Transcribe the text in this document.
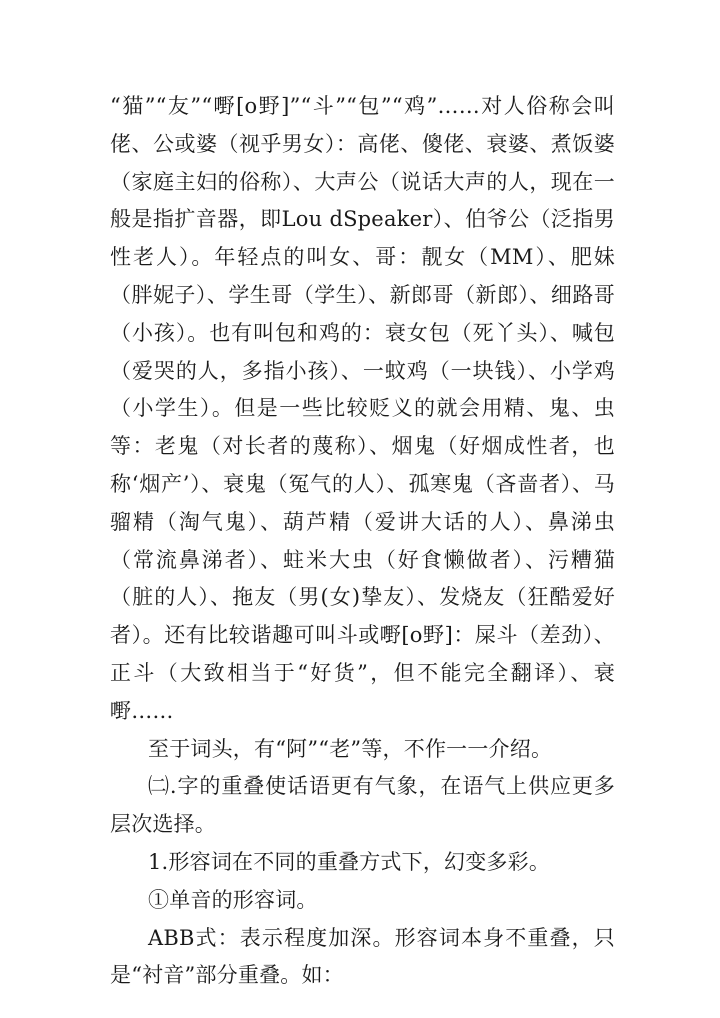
“猫”“友”“嘢[o野]”“斗”“包”“鸡”……对人俗称会叫佬、公或婆（视乎男女）：高佬、傻佬、衰婆、煮饭婆（家庭主妇的俗称）、大声公（说话大声的人，现在一般是指扩音器，即Lou dSpeaker）、伯爷公（泛指男性老人）。年轻点的叫女、哥：靓女（MM）、肥妹（胖妮子）、学生哥（学生）、新郎哥（新郎）、细路哥（小孩）。也有叫包和鸡的：衰女包（死丫头）、喊包（爱哭的人，多指小孩）、一蚊鸡（一块钱）、小学鸡（小学生）。但是一些比较贬义的就会用精、鬼、虫等：老鬼（对长者的蔑称）、烟鬼（好烟成性者，也称‘烟产’）、衰鬼（冤气的人）、孤寒鬼（吝啬者）、马骝精（淘气鬼）、葫芦精（爱讲大话的人）、鼻涕虫（常流鼻涕者）、蛀米大虫（好食懒做者）、污糟猫（脏的人）、拖友（男(女)挚友）、发烧友（狂酷爱好者）。还有比较谐趣可叫斗或嘢[o野]：屎斗（差劲）、正斗（大致相当于“好货”，但不能完全翻译）、衰嘢……

至于词头，有“阿”“老”等，不作一一介绍。

㈡.字的重叠使话语更有气象，在语气上供应更多层次选择。

1.形容词在不同的重叠方式下，幻变多彩。

①单音的形容词。

ABB式：表示程度加深。形容词本身不重叠，只是“衬音”部分重叠。如：
